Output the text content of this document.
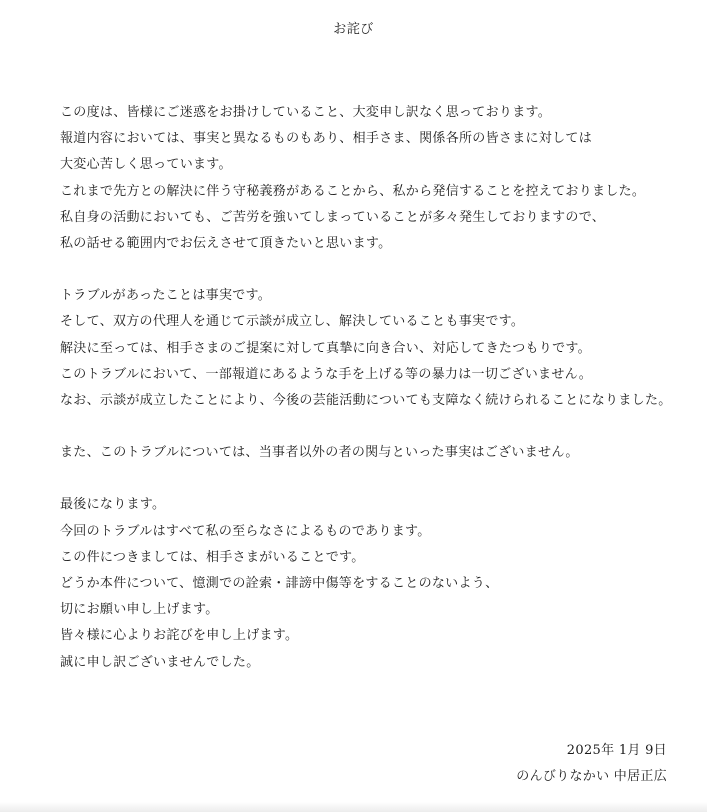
お詫び
この度は、皆様にご迷惑をお掛けしていること、大変申し訳なく思っております。
報道内容においては、事実と異なるものもあり、相手さま、関係各所の皆さまに対しては
大変心苦しく思っています。
これまで先方との解決に伴う守秘義務があることから、私から発信することを控えておりました。
私自身の活動においても、ご苦労を強いてしまっていることが多々発生しておりますので、
私の話せる範囲内でお伝えさせて頂きたいと思います。
トラブルがあったことは事実です。
そして、双方の代理人を通じて示談が成立し、解決していることも事実です。
解決に至っては、相手さまのご提案に対して真摯に向き合い、対応してきたつもりです。
このトラブルにおいて、一部報道にあるような手を上げる等の暴力は一切ございません。
なお、示談が成立したことにより、今後の芸能活動についても支障なく続けられることになりました。
また、このトラブルについては、当事者以外の者の関与といった事実はございません。
最後になります。
今回のトラブルはすべて私の至らなさによるものであります。
この件につきましては、相手さまがいることです。
どうか本件について、憶測での詮索・誹謗中傷等をすることのないよう、
切にお願い申し上げます。
皆々様に心よりお詫びを申し上げます。
誠に申し訳ございませんでした。
2025年 1月 9日
のんびりなかい 中居正広
